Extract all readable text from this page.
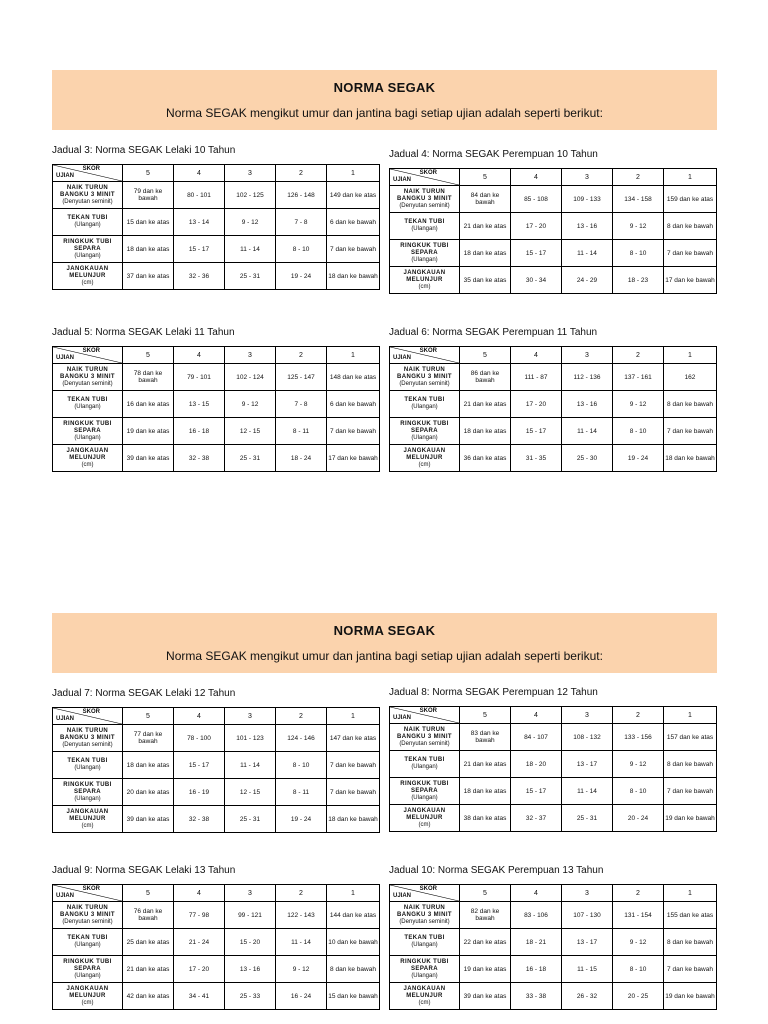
NORMA SEGAK
Norma SEGAK mengikut umur dan jantina bagi setiap ujian adalah seperti berikut:
NORMA SEGAK
Norma SEGAK mengikut umur dan jantina bagi setiap ujian adalah seperti berikut:
Jadual 3: Norma SEGAK Lelaki 10 Tahun
SKOR
UJIAN	5	4	3	2	1
NAIK TURUN BANGKU 3 MINIT
(Denyutan seminit)	79 dan ke bawah	80 - 101	102 - 125	126 - 148	149 dan ke atas
TEKAN TUBI
(Ulangan)	15 dan ke atas	13 - 14	9 - 12	7 - 8	6 dan ke bawah
RINGKUK TUBI SEPARA
(Ulangan)	18 dan ke atas	15 - 17	11 - 14	8 - 10	7 dan ke bawah
JANGKAUAN MELUNJUR
(cm)	37 dan ke atas	32 - 36	25 - 31	19 - 24	18 dan ke bawah
Jadual 4: Norma SEGAK Perempuan 10 Tahun
SKOR
UJIAN	5	4	3	2	1
NAIK TURUN BANGKU 3 MINIT
(Denyutan seminit)	84 dan ke bawah	85 - 108	109 - 133	134 - 158	159 dan ke atas
TEKAN TUBI
(Ulangan)	21 dan ke atas	17 - 20	13 - 16	9 - 12	8 dan ke bawah
RINGKUK TUBI SEPARA
(Ulangan)	18 dan ke atas	15 - 17	11 - 14	8 - 10	7 dan ke bawah
JANGKAUAN MELUNJUR
(cm)	35 dan ke atas	30 - 34	24 - 29	18 - 23	17 dan ke bawah
Jadual 5: Norma SEGAK Lelaki 11 Tahun
SKOR
UJIAN	5	4	3	2	1
NAIK TURUN BANGKU 3 MINIT
(Denyutan seminit)	78 dan ke bawah	79 - 101	102 - 124	125 - 147	148 dan ke atas
TEKAN TUBI
(Ulangan)	16 dan ke atas	13 - 15	9 - 12	7 - 8	6 dan ke bawah
RINGKUK TUBI SEPARA
(Ulangan)	19 dan ke atas	16 - 18	12 - 15	8 - 11	7 dan ke bawah
JANGKAUAN MELUNJUR
(cm)	39 dan ke atas	32 - 38	25 - 31	18 - 24	17 dan ke bawah
Jadual 6: Norma SEGAK Perempuan 11 Tahun
SKOR
UJIAN	5	4	3	2	1
NAIK TURUN BANGKU 3 MINIT
(Denyutan seminit)	86 dan ke bawah	111 - 87	112 - 136	137 - 161	162
TEKAN TUBI
(Ulangan)	21 dan ke atas	17 - 20	13 - 16	9 - 12	8 dan ke bawah
RINGKUK TUBI SEPARA
(Ulangan)	18 dan ke atas	15 - 17	11 - 14	8 - 10	7 dan ke bawah
JANGKAUAN MELUNJUR
(cm)	36 dan ke atas	31 - 35	25 - 30	19 - 24	18 dan ke bawah
Jadual 7: Norma SEGAK Lelaki 12 Tahun
SKOR
UJIAN	5	4	3	2	1
NAIK TURUN BANGKU 3 MINIT
(Denyutan seminit)	77 dan ke bawah	78 - 100	101 - 123	124 - 146	147 dan ke atas
TEKAN TUBI
(Ulangan)	18 dan ke atas	15 - 17	11 - 14	8 - 10	7 dan ke bawah
RINGKUK TUBI SEPARA
(Ulangan)	20 dan ke atas	16 - 19	12 - 15	8 - 11	7 dan ke bawah
JANGKAUAN MELUNJUR
(cm)	39 dan ke atas	32 - 38	25 - 31	19 - 24	18 dan ke bawah
Jadual 8: Norma SEGAK Perempuan 12 Tahun
SKOR
UJIAN	5	4	3	2	1
NAIK TURUN BANGKU 3 MINIT
(Denyutan seminit)	83 dan ke bawah	84 - 107	108 - 132	133 - 156	157 dan ke atas
TEKAN TUBI
(Ulangan)	21 dan ke atas	18 - 20	13 - 17	9 - 12	8 dan ke bawah
RINGKUK TUBI SEPARA
(Ulangan)	18 dan ke atas	15 - 17	11 - 14	8 - 10	7 dan ke bawah
JANGKAUAN MELUNJUR
(cm)	38 dan ke atas	32 - 37	25 - 31	20 - 24	19 dan ke bawah
Jadual 9: Norma SEGAK Lelaki 13 Tahun
SKOR
UJIAN	5	4	3	2	1
NAIK TURUN BANGKU 3 MINIT
(Denyutan seminit)	76 dan ke bawah	77 - 98	99 - 121	122 - 143	144 dan ke atas
TEKAN TUBI
(Ulangan)	25 dan ke atas	21 - 24	15 - 20	11 - 14	10 dan ke bawah
RINGKUK TUBI SEPARA
(Ulangan)	21 dan ke atas	17 - 20	13 - 16	9 - 12	8 dan ke bawah
JANGKAUAN MELUNJUR
(cm)	42 dan ke atas	34 - 41	25 - 33	16 - 24	15 dan ke bawah
Jadual 10: Norma SEGAK Perempuan 13 Tahun
SKOR
UJIAN	5	4	3	2	1
NAIK TURUN BANGKU 3 MINIT
(Denyutan seminit)	82 dan ke bawah	83 - 106	107 - 130	131 - 154	155 dan ke atas
TEKAN TUBI
(Ulangan)	22 dan ke atas	18 - 21	13 - 17	9 - 12	8 dan ke bawah
RINGKUK TUBI SEPARA
(Ulangan)	19 dan ke atas	16 - 18	11 - 15	8 - 10	7 dan ke bawah
JANGKAUAN MELUNJUR
(cm)	39 dan ke atas	33 - 38	26 - 32	20 - 25	19 dan ke bawah
